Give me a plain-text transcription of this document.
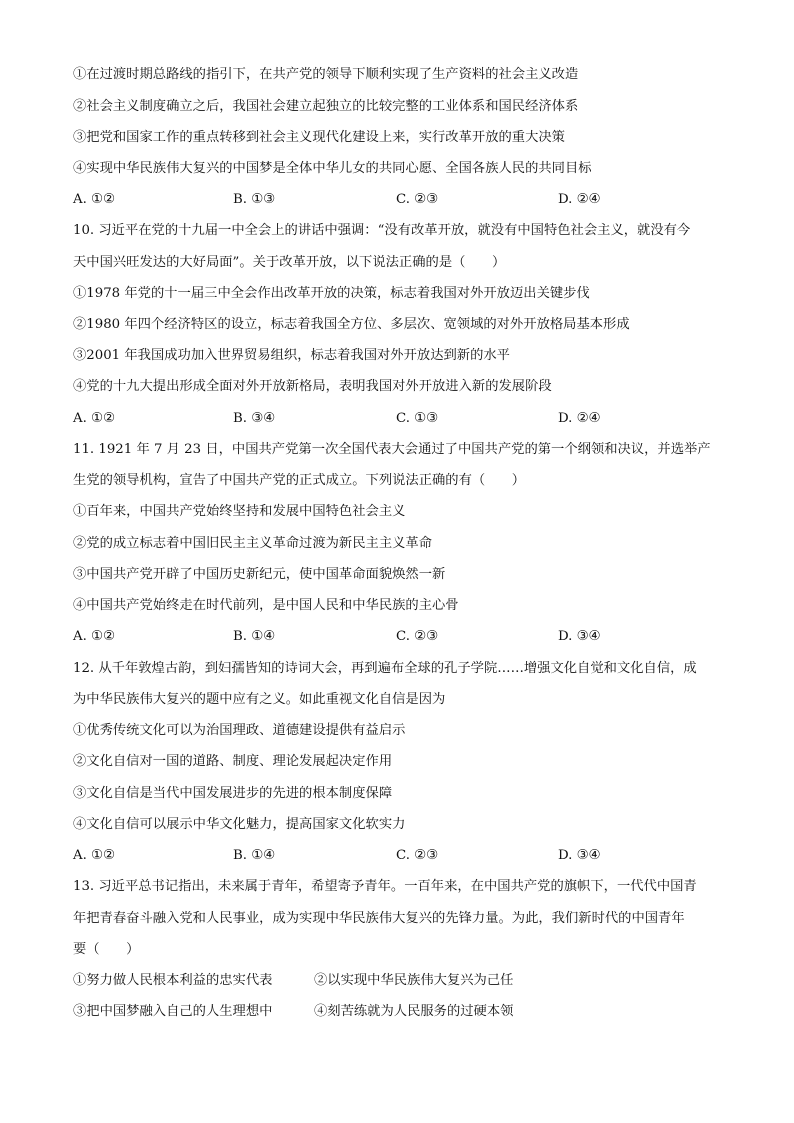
①在过渡时期总路线的指引下，在共产党的领导下顺利实现了生产资料的社会主义改造
②社会主义制度确立之后，我国社会建立起独立的比较完整的工业体系和国民经济体系
③把党和国家工作的重点转移到社会主义现代化建设上来，实行改革开放的重大决策
④实现中华民族伟大复兴的中国梦是全体中华儿女的共同心愿、全国各族人民的共同目标
A. ①②	B. ①③	C. ②③	D. ②④
10. 习近平在党的十九届一中全会上的讲话中强调：“没有改革开放，就没有中国特色社会主义，就没有今
天中国兴旺发达的大好局面”。关于改革开放，以下说法正确的是（　　）
①1978 年党的十一届三中全会作出改革开放的决策，标志着我国对外开放迈出关键步伐
②1980 年四个经济特区的设立，标志着我国全方位、多层次、宽领域的对外开放格局基本形成
③2001 年我国成功加入世界贸易组织，标志着我国对外开放达到新的水平
④党的十九大提出形成全面对外开放新格局，表明我国对外开放进入新的发展阶段
A. ①②	B. ③④	C. ①③	D. ②④
11. 1921 年 7 月 23 日，中国共产党第一次全国代表大会通过了中国共产党的第一个纲领和决议，并选举产
生党的领导机构，宣告了中国共产党的正式成立。下列说法正确的有（　　）
①百年来，中国共产党始终坚持和发展中国特色社会主义
②党的成立标志着中国旧民主主义革命过渡为新民主主义革命
③中国共产党开辟了中国历史新纪元，使中国革命面貌焕然一新
④中国共产党始终走在时代前列，是中国人民和中华民族的主心骨
A. ①②	B. ①④	C. ②③	D. ③④
12. 从千年敦煌古韵，到妇孺皆知的诗词大会，再到遍布全球的孔子学院……增强文化自觉和文化自信，成
为中华民族伟大复兴的题中应有之义。如此重视文化自信是因为
①优秀传统文化可以为治国理政、道德建设提供有益启示
②文化自信对一国的道路、制度、理论发展起决定作用
③文化自信是当代中国发展进步的先进的根本制度保障
④文化自信可以展示中华文化魅力，提高国家文化软实力
A. ①②	B. ①④	C. ②③	D. ③④
13. 习近平总书记指出，未来属于青年，希望寄予青年。一百年来，在中国共产党的旗帜下，一代代中国青
年把青春奋斗融入党和人民事业，成为实现中华民族伟大复兴的先锋力量。为此，我们新时代的中国青年
要（　　）
①努力做人民根本利益的忠实代表	②以实现中华民族伟大复兴为己任
③把中国梦融入自己的人生理想中	④刻苦练就为人民服务的过硬本领
